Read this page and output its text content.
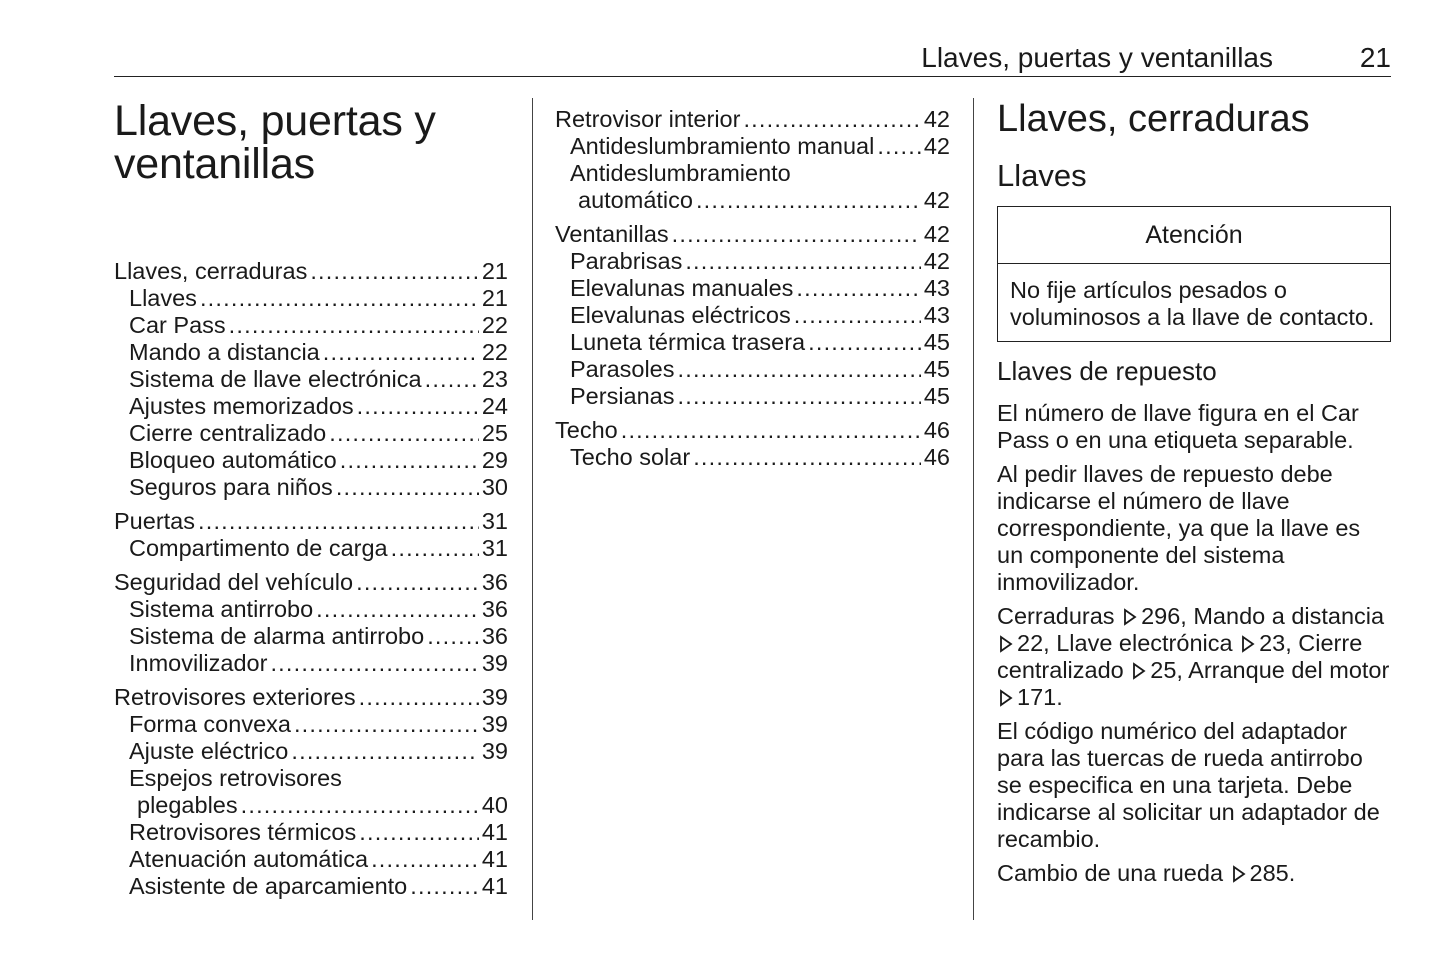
Llaves, puertas y ventanillas	21
Llaves, puertas y
ventanillas
Llaves, cerraduras .....	21
Llaves .....	21
Car Pass .....	22
Mando a distancia .....	22
Sistema de llave electrónica .....	23
Ajustes memorizados .....	24
Cierre centralizado .....	25
Bloqueo automático .....	29
Seguros para niños .....	30
Puertas .....	31
Compartimento de carga .....	31
Seguridad del vehículo .....	36
Sistema antirrobo .....	36
Sistema de alarma antirrobo ..... 36
Inmovilizador .....	39
Retrovisores exteriores .....	39
Forma convexa .....	39
Ajuste eléctrico .....	39
Espejos retrovisores
plegables .....	40
Retrovisores térmicos .....	41
Atenuación automática .....	41
Asistente de aparcamiento .....	41
Retrovisor interior .....	42
Antideslumbramiento manual ..... 42
Antideslumbramiento
automático .....	42
Ventanillas .....	42
Parabrisas .....	42
Elevalunas manuales .....	43
Elevalunas eléctricos .....	43
Luneta térmica trasera .....	45
Parasoles .....	45
Persianas .....	45
Techo .....	46
Techo solar .....	46
Llaves, cerraduras
Llaves
Atención
No fije artículos pesados o voluminosos a la llave de contacto.
Llaves de repuesto
El número de llave figura en el Car Pass o en una etiqueta separable.
Al pedir llaves de repuesto debe indicarse el número de llave correspondiente, ya que la llave es un componente del sistema inmovilizador.
Cerraduras 296, Mando a distancia 22, Llave electrónica 23, Cierre centralizado 25, Arranque del motor 171.
El código numérico del adaptador para las tuercas de rueda antirrobo se especifica en una tarjeta. Debe indicarse al solicitar un adaptador de recambio.
Cambio de una rueda 285.
